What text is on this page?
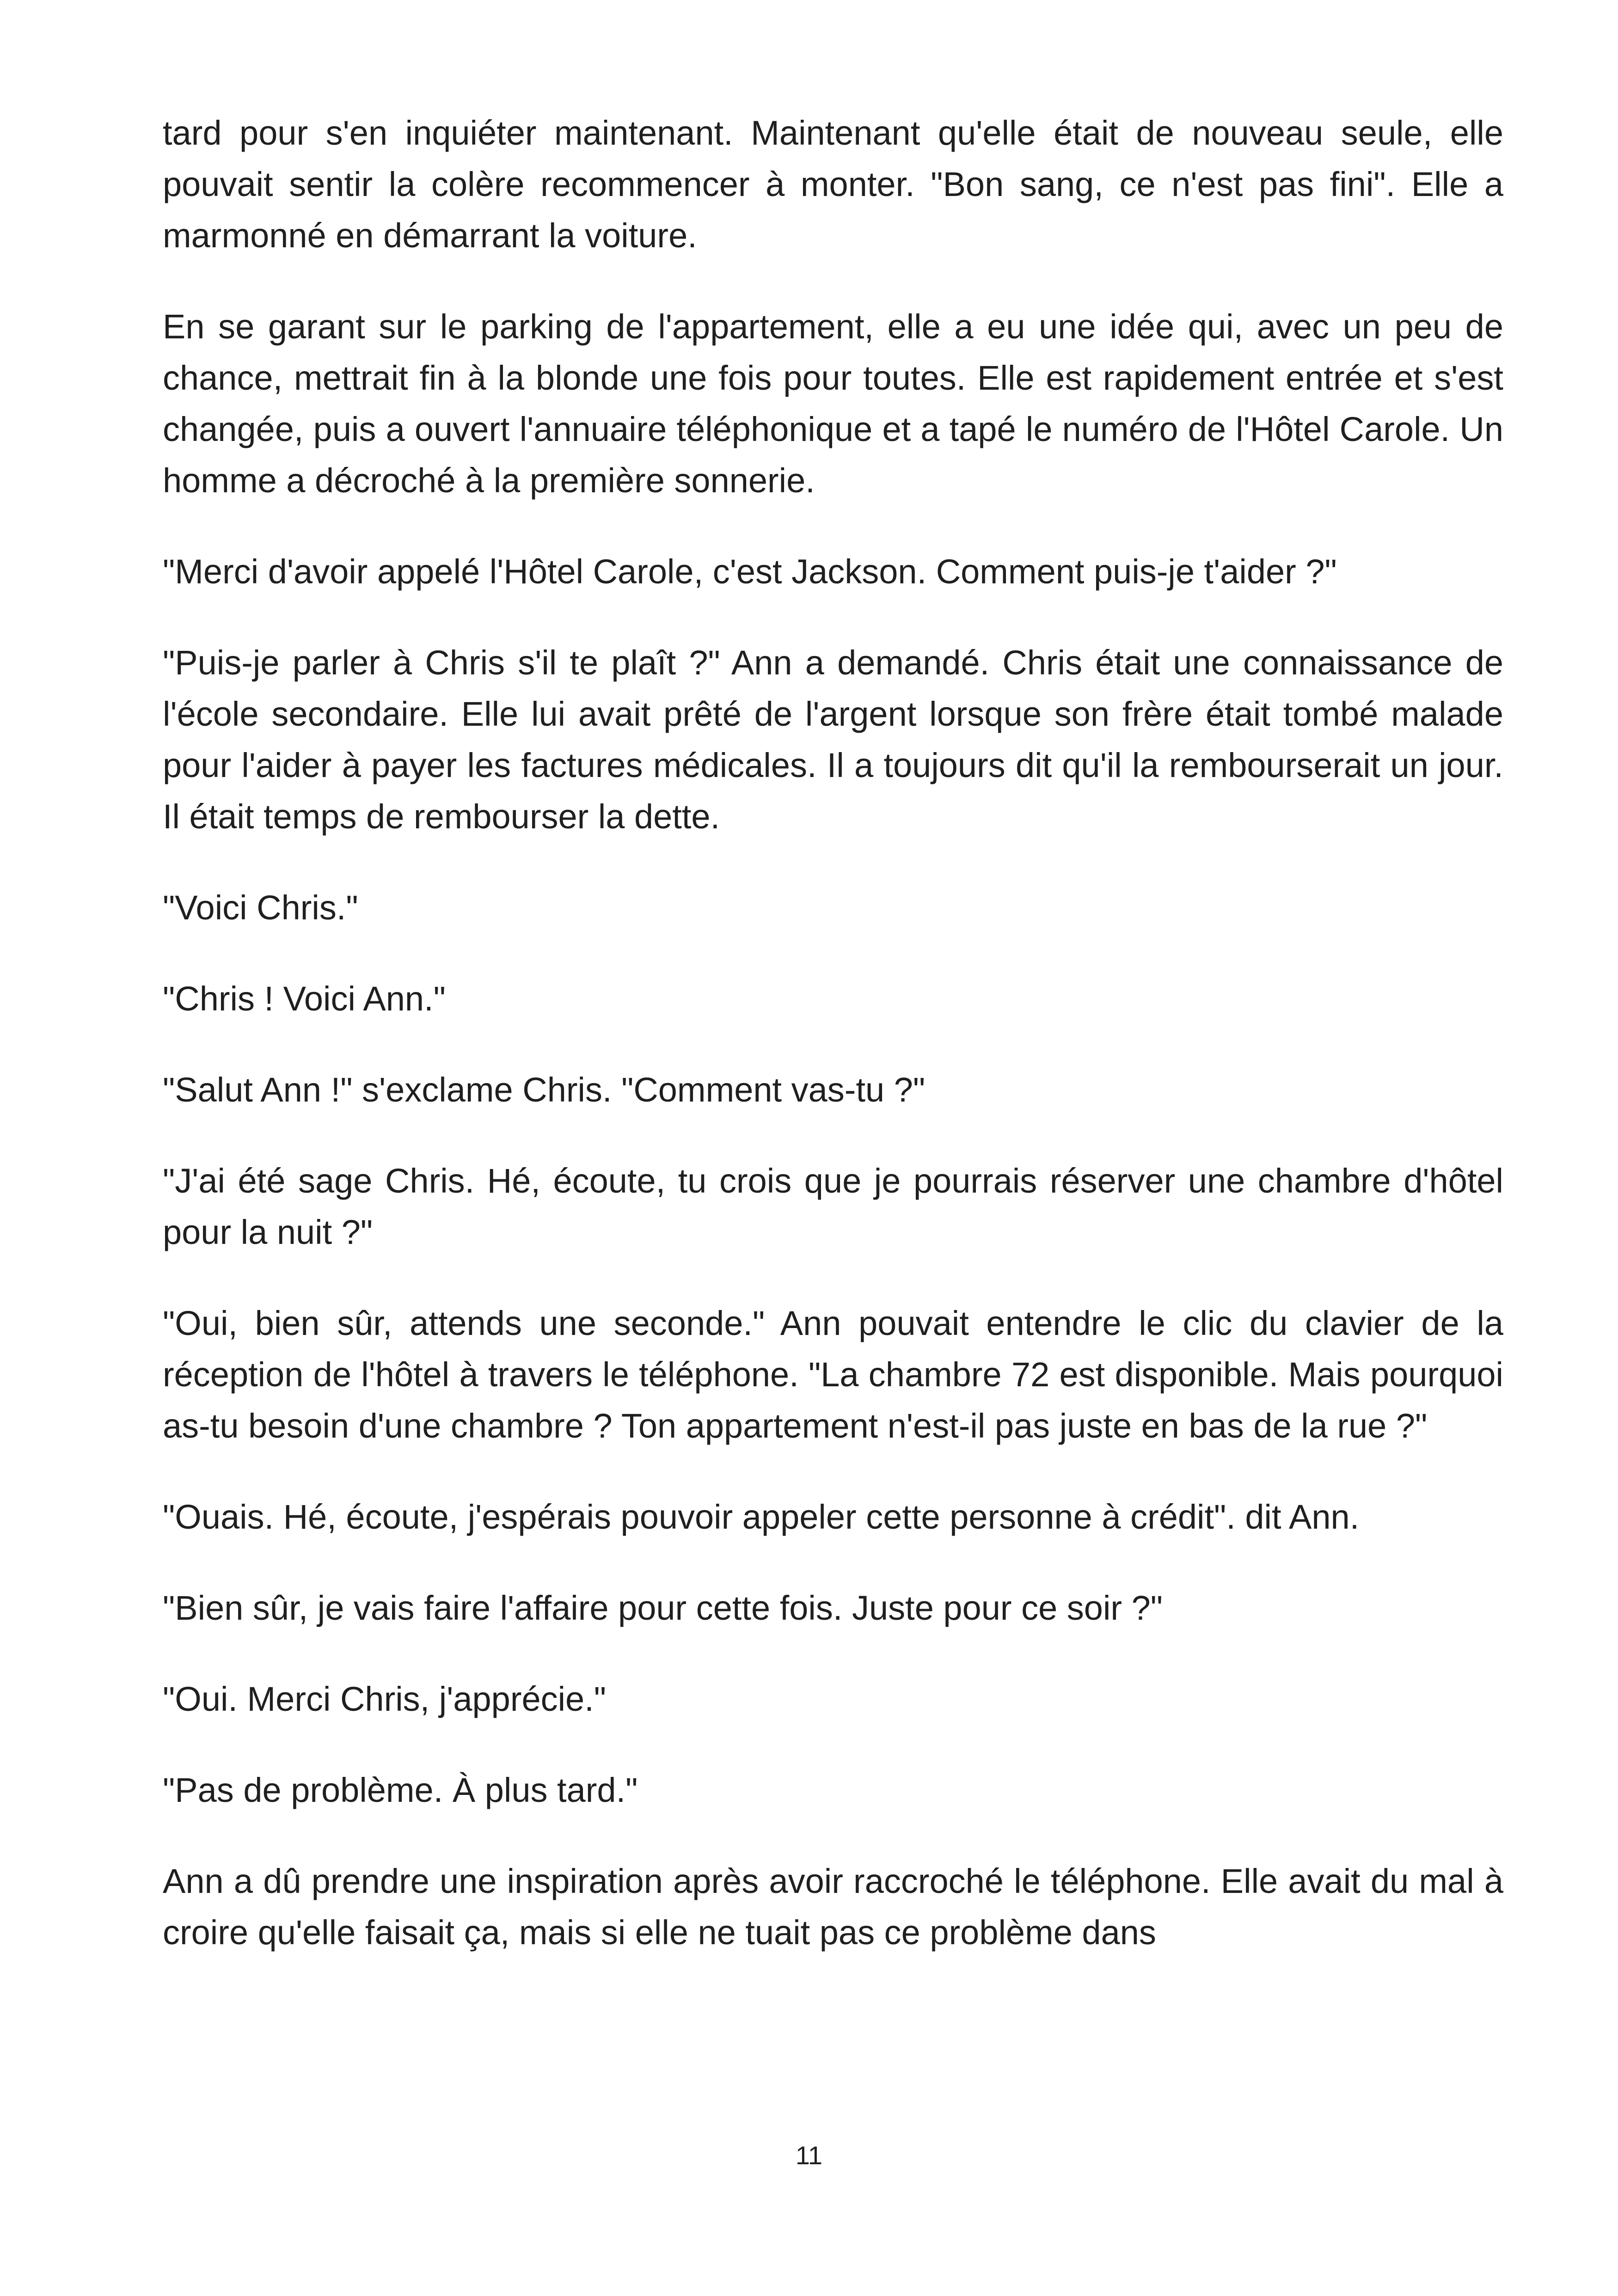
tard pour s'en inquiéter maintenant. Maintenant qu'elle était de nouveau seule, elle pouvait sentir la colère recommencer à monter. "Bon sang, ce n'est pas fini". Elle a marmonné en démarrant la voiture.

En se garant sur le parking de l'appartement, elle a eu une idée qui, avec un peu de chance, mettrait fin à la blonde une fois pour toutes. Elle est rapidement entrée et s'est changée, puis a ouvert l'annuaire téléphonique et a tapé le numéro de l'Hôtel Carole. Un homme a décroché à la première sonnerie.

"Merci d'avoir appelé l'Hôtel Carole, c'est Jackson. Comment puis-je t'aider ?"

"Puis-je parler à Chris s'il te plaît ?" Ann a demandé. Chris était une connaissance de l'école secondaire. Elle lui avait prêté de l'argent lorsque son frère était tombé malade pour l'aider à payer les factures médicales. Il a toujours dit qu'il la rembourserait un jour. Il était temps de rembourser la dette.

"Voici Chris."

"Chris ! Voici Ann."

"Salut Ann !" s'exclame Chris. "Comment vas-tu ?"

"J'ai été sage Chris. Hé, écoute, tu crois que je pourrais réserver une chambre d'hôtel pour la nuit ?"

"Oui, bien sûr, attends une seconde." Ann pouvait entendre le clic du clavier de la réception de l'hôtel à travers le téléphone. "La chambre 72 est disponible. Mais pourquoi as-tu besoin d'une chambre ? Ton appartement n'est-il pas juste en bas de la rue ?"

"Ouais. Hé, écoute, j'espérais pouvoir appeler cette personne à crédit". dit Ann.

"Bien sûr, je vais faire l'affaire pour cette fois. Juste pour ce soir ?"

"Oui. Merci Chris, j'apprécie."

"Pas de problème. À plus tard."

Ann a dû prendre une inspiration après avoir raccroché le téléphone. Elle avait du mal à croire qu'elle faisait ça, mais si elle ne tuait pas ce problème dans

11
